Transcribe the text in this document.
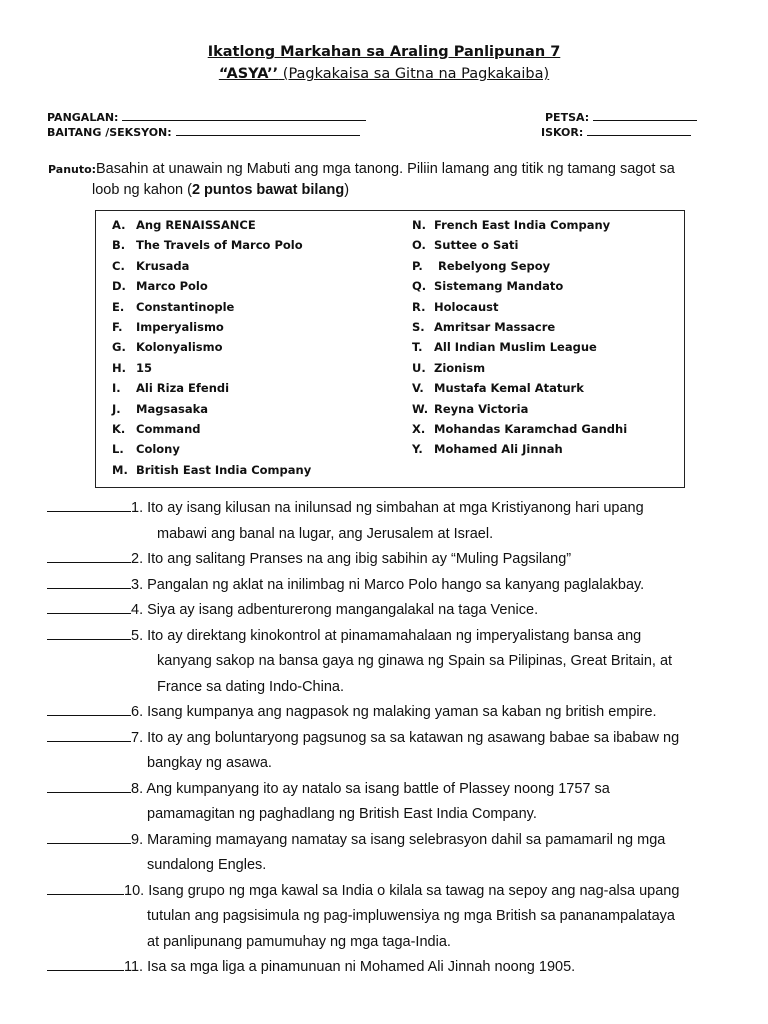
Ikatlong Markahan sa Araling Panlipunan 7
“ASYA’’ (Pagkakaisa sa Gitna na Pagkakaiba)
PANGALAN:	PETSA:
BAITANG /SEKSYON:	ISKOR:
Panuto: Basahin at unawain ng Mabuti ang mga tanong. Piliin lamang ang titik ng tamang sagot sa
loob ng kahon (2 puntos bawat bilang)
A. Ang RENAISSANCE
B. The Travels of Marco Polo
C. Krusada
D. Marco Polo
E. Constantinople
F. Imperyalismo
G. Kolonyalismo
H. 15
I. Ali Riza Efendi
J. Magsasaka
K. Command
L. Colony
M. British East India Company
N. French East India Company
O. Suttee o Sati
P. Rebelyong Sepoy
Q. Sistemang Mandato
R. Holocaust
S. Amritsar Massacre
T. All Indian Muslim League
U. Zionism
V. Mustafa Kemal Ataturk
W. Reyna Victoria
X. Mohandas Karamchad Gandhi
Y. Mohamed Ali Jinnah
1. Ito ay isang kilusan na inilunsad ng simbahan at mga Kristiyanong hari upang
mabawi ang banal na lugar, ang Jerusalem at Israel.
2. Ito ang salitang Pranses na ang ibig sabihin ay “Muling Pagsilang”
3. Pangalan ng aklat na inilimbag ni Marco Polo hango sa kanyang paglalakbay.
4. Siya ay isang adbenturerong mangangalakal na taga Venice.
5. Ito ay direktang kinokontrol at pinamamahalaan ng imperyalistang bansa ang
kanyang sakop na bansa gaya ng ginawa ng Spain sa Pilipinas, Great Britain, at
France sa dating Indo-China.
6. Isang kumpanya ang nagpasok ng malaking yaman sa kaban ng british empire.
7. Ito ay ang boluntaryong pagsunog sa sa katawan ng asawang babae sa ibabaw ng
bangkay ng asawa.
8. Ang kumpanyang ito ay natalo sa isang battle of Plassey noong 1757 sa
pamamagitan ng paghadlang ng British East India Company.
9. Maraming mamayang namatay sa isang selebrasyon dahil sa pamamaril ng mga
sundalong Engles.
10. Isang grupo ng mga kawal sa India o kilala sa tawag na sepoy ang nag-alsa upang
tutulan ang pagsisimula ng pag-impluwensiya ng mga British sa pananampalataya
at panlipunang pamumuhay ng mga taga-India.
11. Isa sa mga liga a pinamunuan ni Mohamed Ali Jinnah noong 1905.
